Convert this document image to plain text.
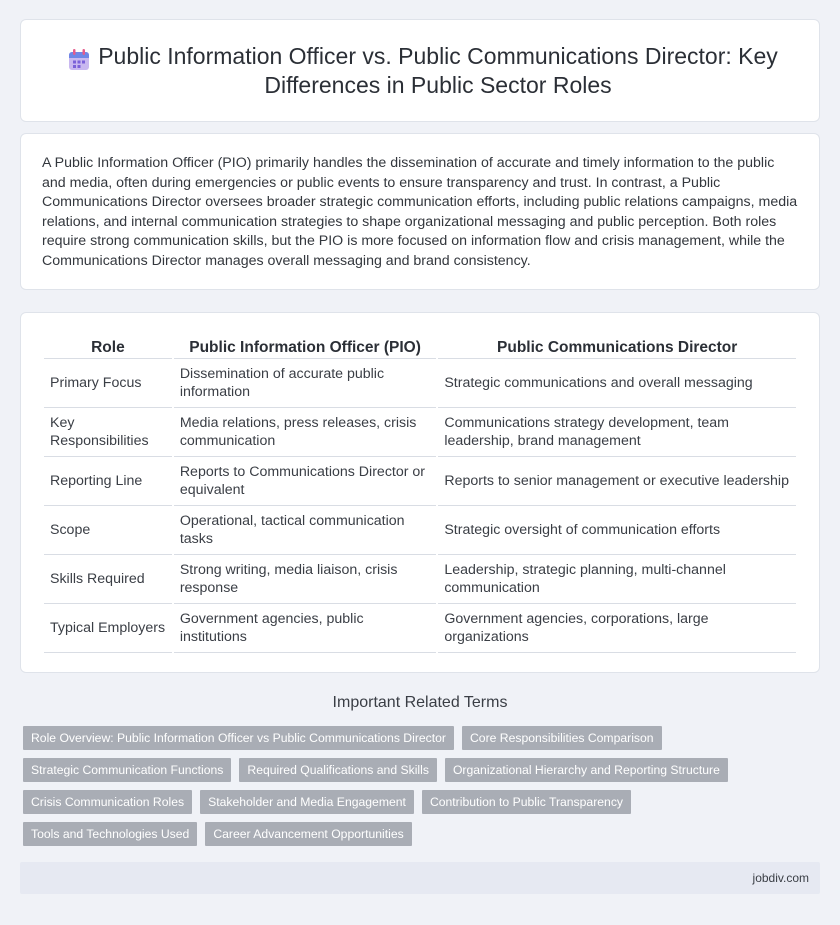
Public Information Officer vs. Public Communications Director: Key Differences in Public Sector Roles

A Public Information Officer (PIO) primarily handles the dissemination of accurate and timely information to the public and media, often during emergencies or public events to ensure transparency and trust. In contrast, a Public Communications Director oversees broader strategic communication efforts, including public relations campaigns, media relations, and internal communication strategies to shape organizational messaging and public perception. Both roles require strong communication skills, but the PIO is more focused on information flow and crisis management, while the Communications Director manages overall messaging and brand consistency.

Role	Public Information Officer (PIO)	Public Communications Director
Primary Focus	Dissemination of accurate public information	Strategic communications and overall messaging
Key Responsibilities	Media relations, press releases, crisis communication	Communications strategy development, team leadership, brand management
Reporting Line	Reports to Communications Director or equivalent	Reports to senior management or executive leadership
Scope	Operational, tactical communication tasks	Strategic oversight of communication efforts
Skills Required	Strong writing, media liaison, crisis response	Leadership, strategic planning, multi-channel communication
Typical Employers	Government agencies, public institutions	Government agencies, corporations, large organizations
Important Related Terms
Role Overview: Public Information Officer vs Public Communications Director	Core Responsibilities Comparison
Strategic Communication Functions	Required Qualifications and Skills	Organizational Hierarchy and Reporting Structure
Crisis Communication Roles	Stakeholder and Media Engagement	Contribution to Public Transparency
Tools and Technologies Used	Career Advancement Opportunities
jobdiv.com
